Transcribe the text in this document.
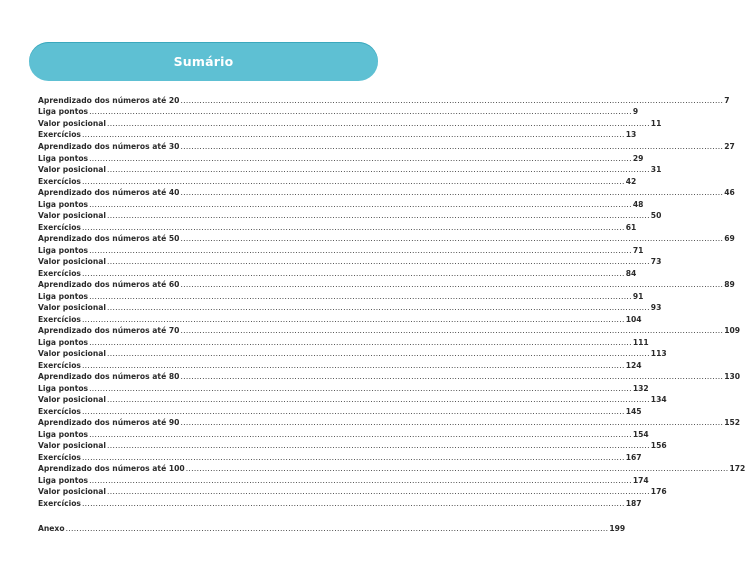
Sumário
Aprendizado dos números até 20 ........................................................................................................................................................................................................ 7
Liga pontos ........................................................................................................................................................................................................ 9
Valor posicional ........................................................................................................................................................................................................ 11
Exercícios ........................................................................................................................................................................................................ 13
Aprendizado dos números até 30 ........................................................................................................................................................................................................ 27
Liga pontos ........................................................................................................................................................................................................ 29
Valor posicional ........................................................................................................................................................................................................ 31
Exercícios ........................................................................................................................................................................................................ 42
Aprendizado dos números até 40 ........................................................................................................................................................................................................ 46
Liga pontos ........................................................................................................................................................................................................ 48
Valor posicional ........................................................................................................................................................................................................ 50
Exercícios ........................................................................................................................................................................................................ 61
Aprendizado dos números até 50 ........................................................................................................................................................................................................ 69
Liga pontos ........................................................................................................................................................................................................ 71
Valor posicional ........................................................................................................................................................................................................ 73
Exercícios ........................................................................................................................................................................................................ 84
Aprendizado dos números até 60 ........................................................................................................................................................................................................ 89
Liga pontos ........................................................................................................................................................................................................ 91
Valor posicional ........................................................................................................................................................................................................ 93
Exercícios ........................................................................................................................................................................................................ 104
Aprendizado dos números até 70 ........................................................................................................................................................................................................ 109
Liga pontos ........................................................................................................................................................................................................ 111
Valor posicional ........................................................................................................................................................................................................ 113
Exercícios ........................................................................................................................................................................................................ 124
Aprendizado dos números até 80 ........................................................................................................................................................................................................ 130
Liga pontos ........................................................................................................................................................................................................ 132
Valor posicional ........................................................................................................................................................................................................ 134
Exercícios ........................................................................................................................................................................................................ 145
Aprendizado dos números até 90 ........................................................................................................................................................................................................ 152
Liga pontos ........................................................................................................................................................................................................ 154
Valor posicional ........................................................................................................................................................................................................ 156
Exercícios ........................................................................................................................................................................................................ 167
Aprendizado dos números até 100 ........................................................................................................................................................................................................ 172
Liga pontos ........................................................................................................................................................................................................ 174
Valor posicional ........................................................................................................................................................................................................ 176
Exercícios ........................................................................................................................................................................................................ 187
Anexo ........................................................................................................................................................................................................ 199
